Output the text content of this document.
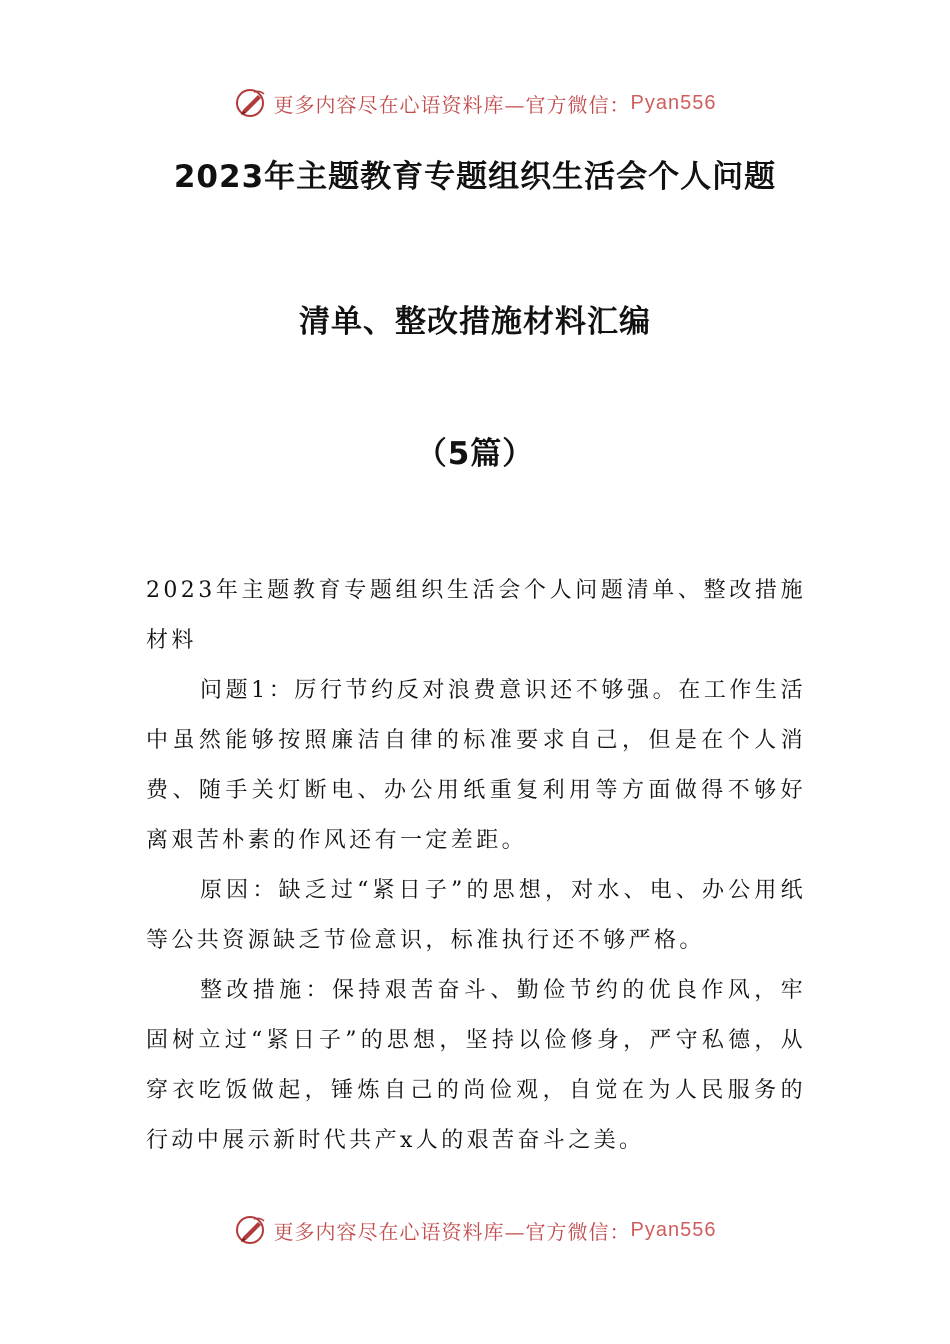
更多内容尽在心语资料库—官方微信： Pyan556
2023年主题教育专题组织生活会个人问题
清单、整改措施材料汇编
（5篇）

2023年主题教育专题组织生活会个人问题清单、整改措施材料

问题1：厉行节约反对浪费意识还不够强。在工作生活中虽然能够按照廉洁自律的标准要求自己，但是在个人消费、随手关灯断电、办公用纸重复利用等方面做得不够好离艰苦朴素的作风还有一定差距。

原因：缺乏过“紧日子”的思想，对水、电、办公用纸等公共资源缺乏节俭意识，标准执行还不够严格。

整改措施：保持艰苦奋斗、勤俭节约的优良作风，牢固树立过“紧日子”的思想，坚持以俭修身，严守私德，从穿衣吃饭做起，锤炼自己的尚俭观，自觉在为人民服务的行动中展示新时代共产x人的艰苦奋斗之美。

更多内容尽在心语资料库—官方微信： Pyan556
